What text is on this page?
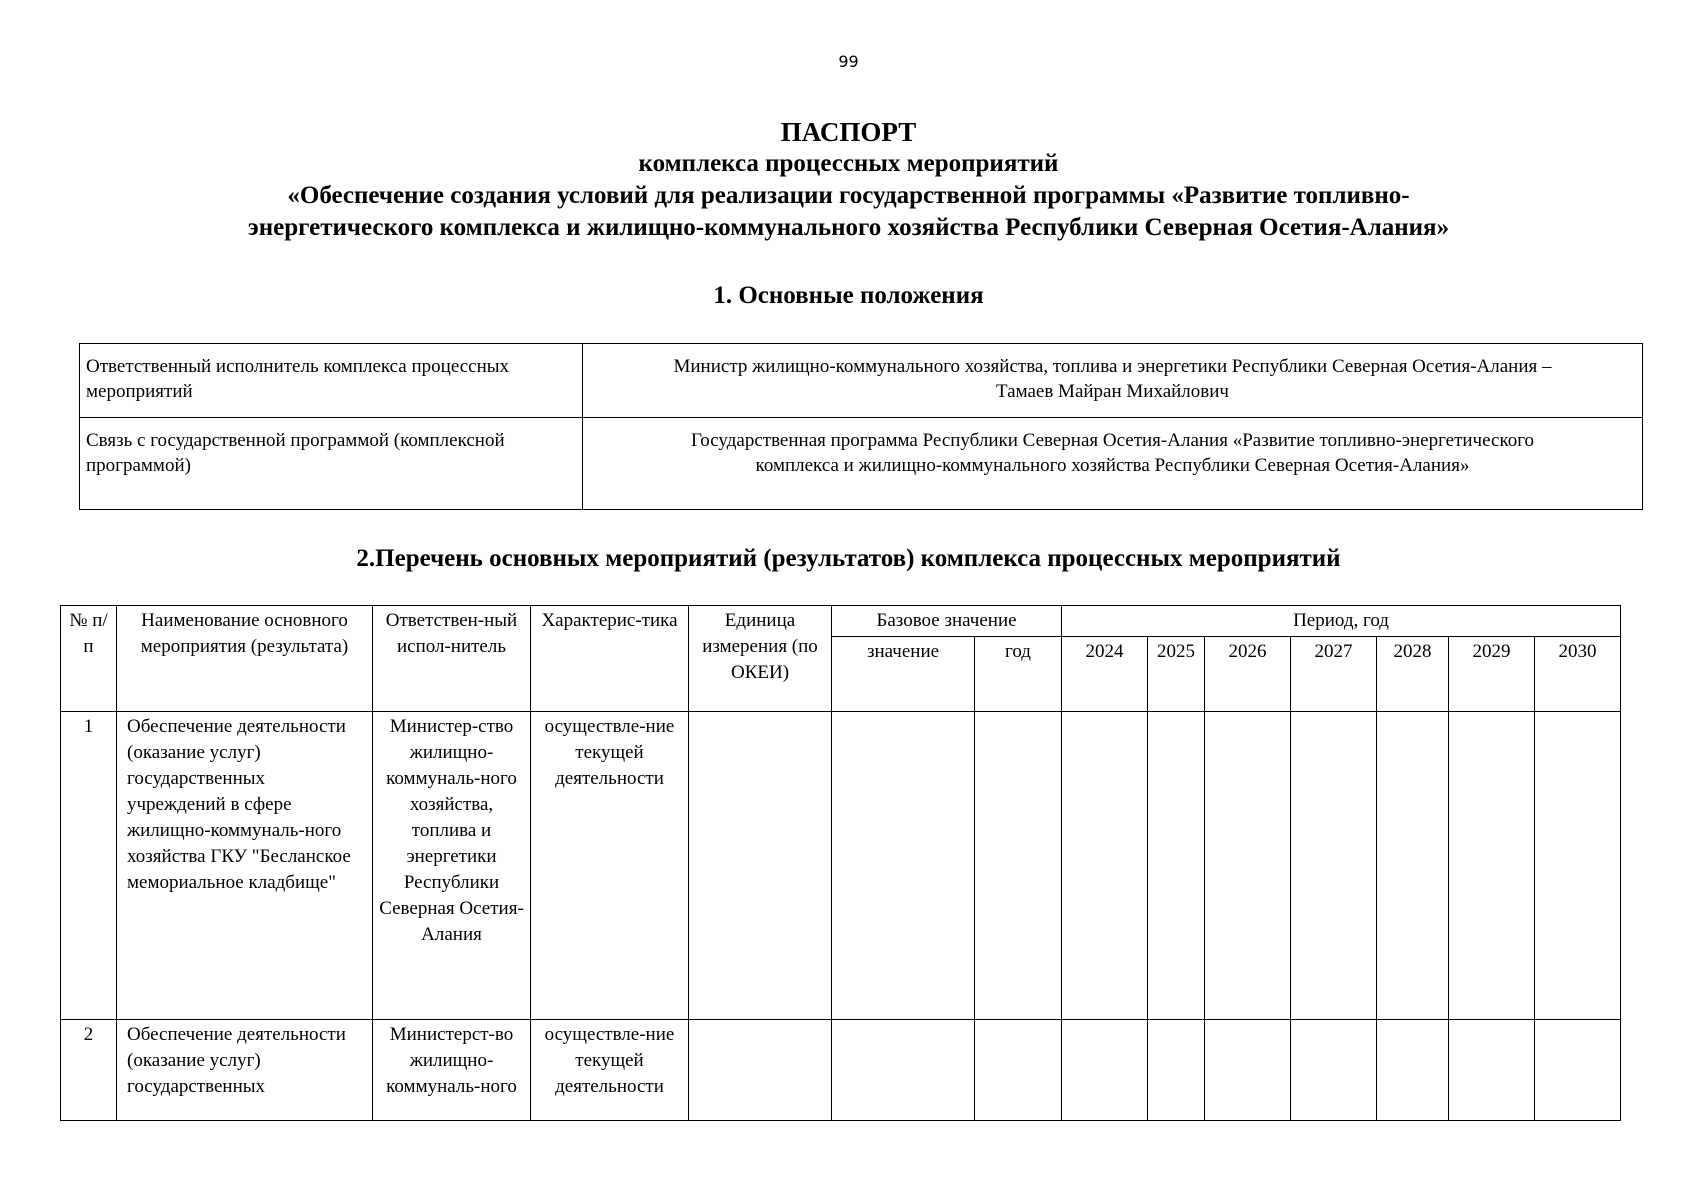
99
ПАСПОРТ
комплекса процессных мероприятий
«Обеспечение создания условий для реализации государственной программы «Развитие топливно-
энергетического комплекса и жилищно-коммунального хозяйства Республики Северная Осетия-Алания»
1. Основные положения
Ответственный исполнитель комплекса процессных мероприятий	Министр жилищно-коммунального хозяйства, топлива и энергетики Республики Северная Осетия-Алания –
Тамаев Майран Михайлович

Связь с государственной программой (комплексной программой)	Государственная программа Республики Северная Осетия-Алания «Развитие топливно-энергетического
комплекса и жилищно-коммунального хозяйства Республики Северная Осетия-Алания»
2.Перечень основных мероприятий (результатов) комплекса процессных мероприятий
№ п/п	Наименование основного мероприятия (результата)	Ответствен-ный испол-нитель	Характерис-тика	Единица измерения (по ОКЕИ)	Базовое значение		Период, год						
					значение	год	2024	2025	2026	2027	2028	2029	2030
1	Обеспечение деятельности (оказание услуг) государственных учреждений в сфере жилищно-коммуналь-ного хозяйства ГКУ "Бесланское мемориальное кладбище"	Министер-ство жилищно-коммуналь-ного хозяйства, топлива и энергетики Республики Северная Осетия-Алания	осуществле-ние текущей деятельности										
2	Обеспечение деятельности (оказание услуг) государственных	Министерст-во жилищно-коммуналь-ного	осуществле-ние текущей деятельности										
